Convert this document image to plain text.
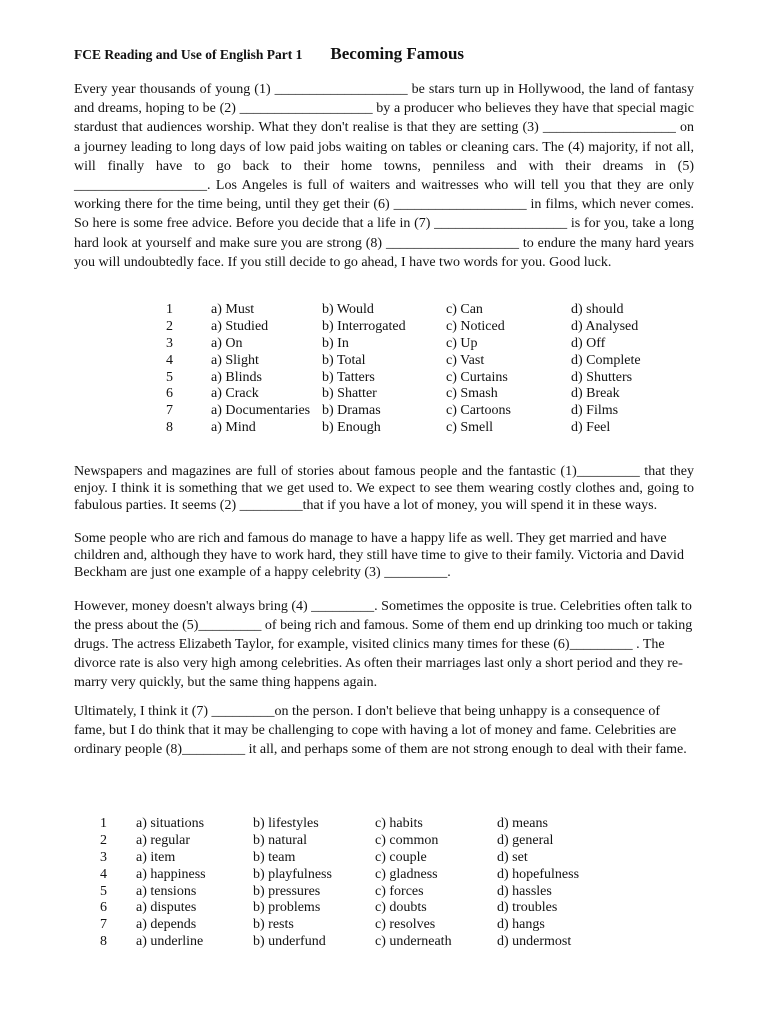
FCE Reading and Use of English Part 1 Becoming Famous

Every year thousands of young (1) ___________________ be stars turn up in Hollywood, the land of fantasy and dreams, hoping to be (2) ___________________ by a producer who believes they have that special magic stardust that audiences worship. What they don't realise is that they are setting (3) ___________________ on a journey leading to long days of low paid jobs waiting on tables or cleaning cars. The (4) majority, if not all, will finally have to go back to their home towns, penniless and with their dreams in (5) ___________________. Los Angeles is full of waiters and waitresses who will tell you that they are only working there for the time being, until they get their (6) ___________________ in films, which never comes. So here is some free advice. Before you decide that a life in (7) ___________________ is for you, take a long hard look at yourself and make sure you are strong (8) ___________________ to endure the many hard years you will undoubtedly face. If you still decide to go ahead, I have two words for you. Good luck.

1	a) Must	b) Would	c) Can	d) should
2	a) Studied	b) Interrogated	c) Noticed	d) Analysed
3	a) On	b) In	c) Up	d) Off
4	a) Slight	b) Total	c) Vast	d) Complete
5	a) Blinds	b) Tatters	c) Curtains	d) Shutters
6	a) Crack	b) Shatter	c) Smash	d) Break
7	a) Documentaries	b) Dramas	c) Cartoons	d) Films
8	a) Mind	b) Enough	c) Smell	d) Feel

Newspapers and magazines are full of stories about famous people and the fantastic (1)_________ that they enjoy. I think it is something that we get used to. We expect to see them wearing costly clothes and, going to fabulous parties. It seems (2) _________that if you have a lot of money, you will spend it in these ways.

Some people who are rich and famous do manage to have a happy life as well. They get married and have children and, although they have to work hard, they still have time to give to their family. Victoria and David Beckham are just one example of a happy celebrity (3) _________.

However, money doesn't always bring (4) _________. Sometimes the opposite is true. Celebrities often talk to the press about the (5)_________ of being rich and famous. Some of them end up drinking too much or taking drugs. The actress Elizabeth Taylor, for example, visited clinics many times for these (6)_________ . The divorce rate is also very high among celebrities. As often their marriages last only a short period and they re-marry very quickly, but the same thing happens again.

Ultimately, I think it (7) _________on the person. I don't believe that being unhappy is a consequence of fame, but I do think that it may be challenging to cope with having a lot of money and fame. Celebrities are ordinary people (8)_________ it all, and perhaps some of them are not strong enough to deal with their fame.

1	a) situations	b) lifestyles	c) habits	d) means
2	a) regular	b) natural	c) common	d) general
3	a) item	b) team	c) couple	d) set
4	a) happiness	b) playfulness	c) gladness	d) hopefulness
5	a) tensions	b) pressures	c) forces	d) hassles
6	a) disputes	b) problems	c) doubts	d) troubles
7	a) depends	b) rests	c) resolves	d) hangs
8	a) underline	b) underfund	c) underneath	d) undermost
